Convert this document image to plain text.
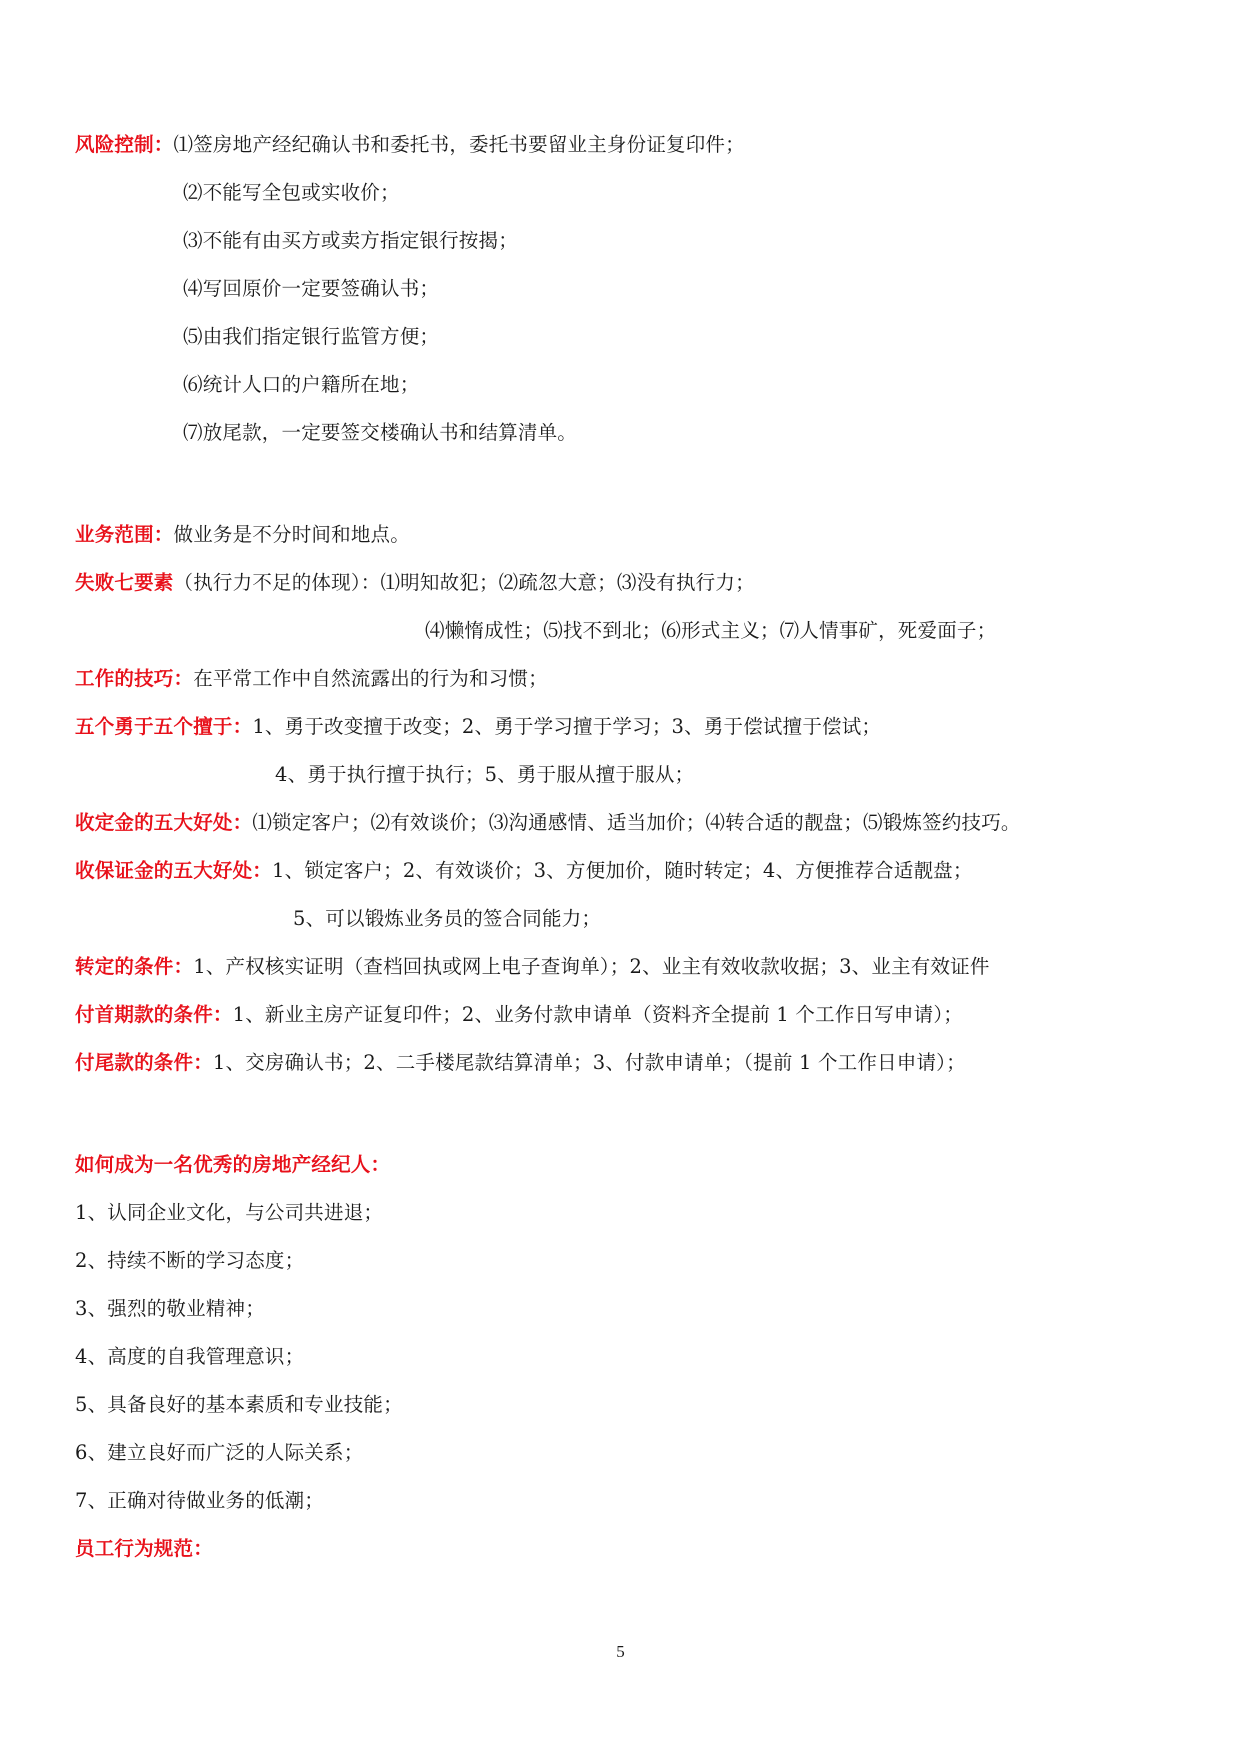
风险控制：⑴签房地产经纪确认书和委托书，委托书要留业主身份证复印件；
⑵不能写全包或实收价；
⑶不能有由买方或卖方指定银行按揭；
⑷写回原价一定要签确认书；
⑸由我们指定银行监管方便；
⑹统计人口的户籍所在地；
⑺放尾款，一定要签交楼确认书和结算清单。
业务范围：做业务是不分时间和地点。
失败七要素（执行力不足的体现）：⑴明知故犯；⑵疏忽大意；⑶没有执行力；
⑷懒惰成性；⑸找不到北；⑹形式主义；⑺人情事矿，死爱面子；
工作的技巧：在平常工作中自然流露出的行为和习惯；
五个勇于五个擅于：1、勇于改变擅于改变；2、勇于学习擅于学习；3、勇于偿试擅于偿试；
4、勇于执行擅于执行；5、勇于服从擅于服从；
收定金的五大好处：⑴锁定客户；⑵有效谈价；⑶沟通感情、适当加价；⑷转合适的靓盘；⑸锻炼签约技巧。
收保证金的五大好处：1、锁定客户；2、有效谈价；3、方便加价，随时转定；4、方便推荐合适靓盘；
5、可以锻炼业务员的签合同能力；
转定的条件：1、产权核实证明（查档回执或网上电子查询单）；2、业主有效收款收据；3、业主有效证件
付首期款的条件：1、新业主房产证复印件；2、业务付款申请单（资料齐全提前 1 个工作日写申请）；
付尾款的条件：1、交房确认书；2、二手楼尾款结算清单；3、付款申请单；（提前 1 个工作日申请）；
如何成为一名优秀的房地产经纪人：
1、认同企业文化，与公司共进退；
2、持续不断的学习态度；
3、强烈的敬业精神；
4、高度的自我管理意识；
5、具备良好的基本素质和专业技能；
6、建立良好而广泛的人际关系；
7、正确对待做业务的低潮；
员工行为规范：
5
